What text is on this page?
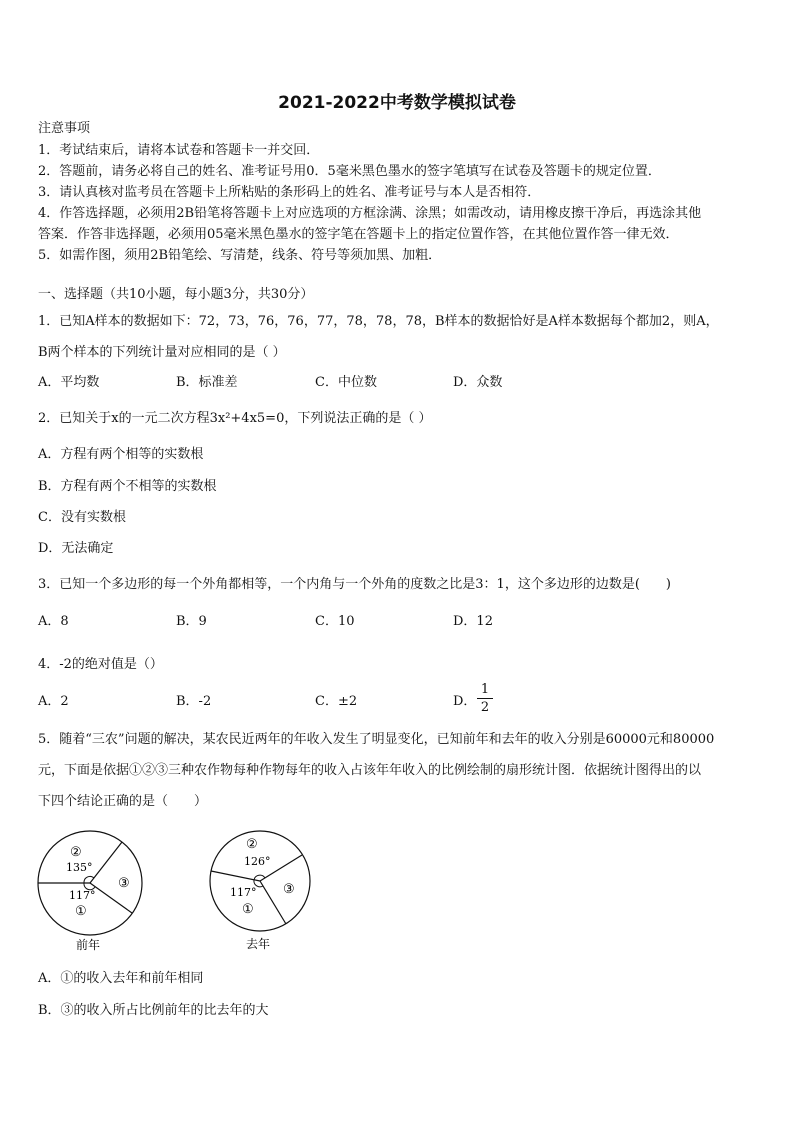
2021-2022中考数学模拟试卷
注意事项
1．考试结束后，请将本试卷和答题卡一并交回．
2．答题前，请务必将自己的姓名、准考证号用0．5毫米黑色墨水的签字笔填写在试卷及答题卡的规定位置．
3．请认真核对监考员在答题卡上所粘贴的条形码上的姓名、准考证号与本人是否相符．
4．作答选择题，必须用2B铅笔将答题卡上对应选项的方框涂满、涂黑；如需改动，请用橡皮擦干净后，再选涂其他
答案．作答非选择题，必须用05毫米黑色墨水的签字笔在答题卡上的指定位置作答，在其他位置作答一律无效．
5．如需作图，须用2B铅笔绘、写清楚，线条、符号等须加黑、加粗．
一、选择题（共10小题，每小题3分，共30分）
1．已知A样本的数据如下：72，73，76，76，77，78，78，78，B样本的数据恰好是A样本数据每个都加2，则A，
B两个样本的下列统计量对应相同的是（ ）
A．平均数	B．标准差	C．中位数	D．众数
2．已知关于x的一元二次方程3x²+4x5=0，下列说法正确的是（ ）
A．方程有两个相等的实数根
B．方程有两个不相等的实数根
C．没有实数根
D．无法确定
3．已知一个多边形的每一个外角都相等，一个内角与一个外角的度数之比是3：1，这个多边形的边数是(　　)
A．8	B．9	C．10	D．12
4．-2的绝对值是（）
A．2	B．-2	C．±2	D．
1
2
5．随着“三农”问题的解决，某农民近两年的年收入发生了明显变化，已知前年和去年的收入分别是60000元和80000
元，下面是依据①②③三种农作物每种作物每年的收入占该年年收入的比例绘制的扇形统计图．依据统计图得出的以
下四个结论正确的是（　　）
②
135°
③
117°
①
前年
②
126°
③
117°
①
去年
A．①的收入去年和前年相同
B．③的收入所占比例前年的比去年的大
